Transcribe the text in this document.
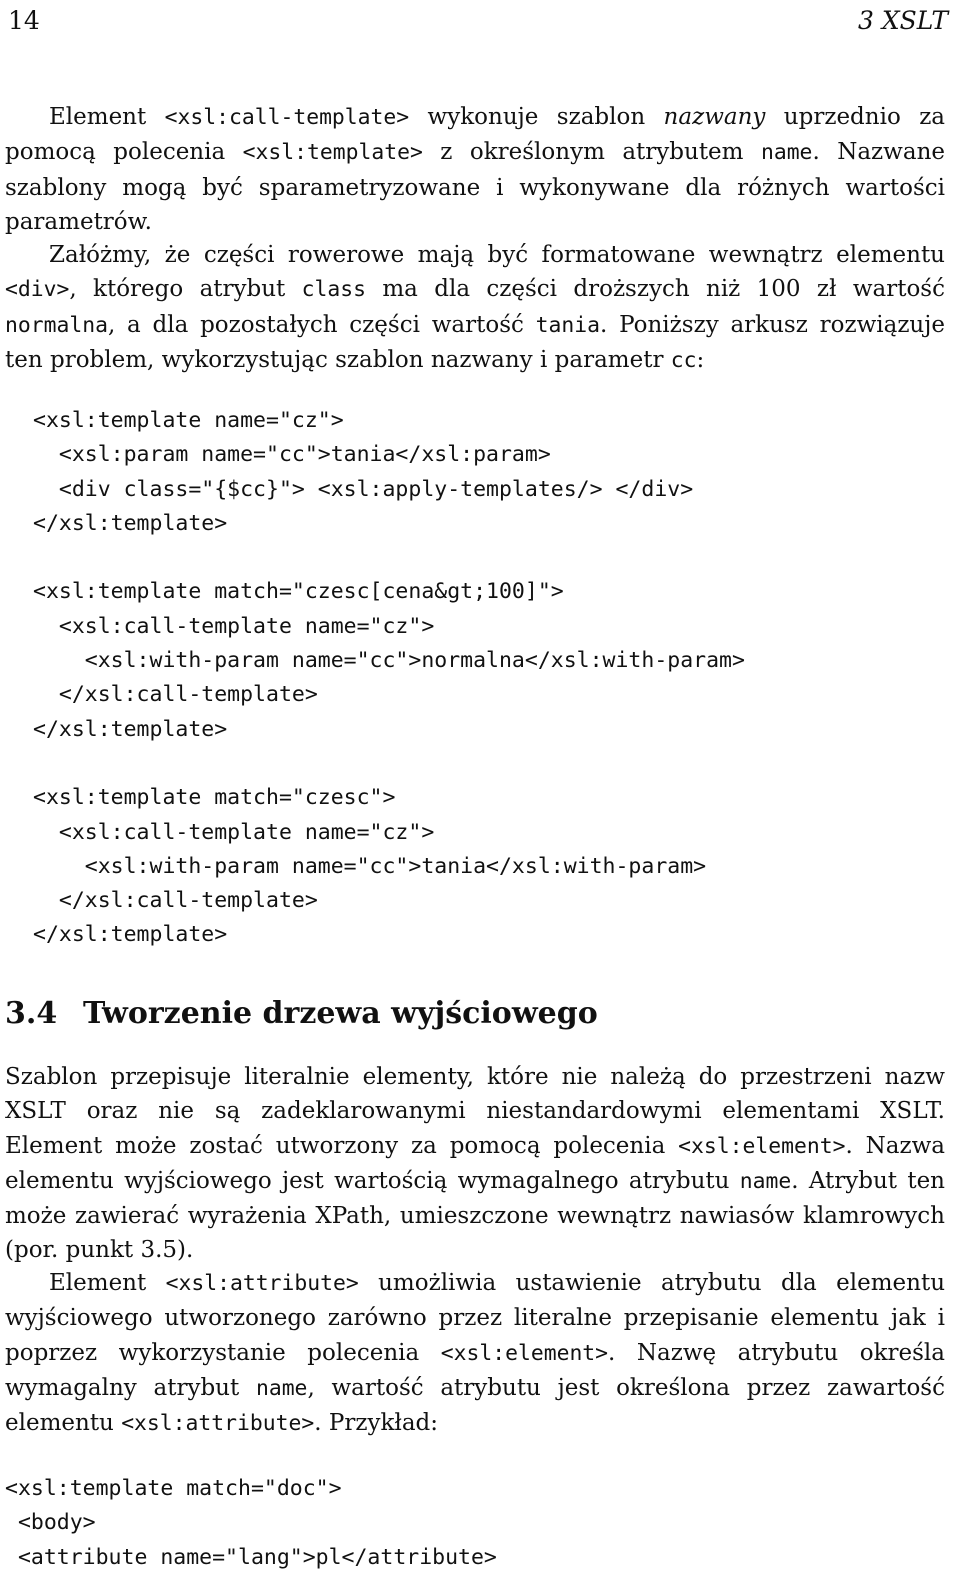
14	3 XSLT

Element <xsl:call-template> wykonuje szablon nazwany uprzednio za pomocą polecenia <xsl:template> z określonym atrybutem name. Nazwane szablony mogą być sparametryzowane i wykonywane dla różnych wartości parametrów.

Załóżmy, że części rowerowe mają być formatowane wewnątrz elementu <div>, którego atrybut class ma dla części droższych niż 100 zł wartość normalna, a dla pozostałych części wartość tania. Poniższy arkusz rozwiązuje ten problem, wykorzystując szablon nazwany i parametr cc:

<xsl:template name="cz">
<xsl:param name="cc">tania</xsl:param>
<div class="{$cc}"> <xsl:apply-templates/> </div>
</xsl:template>

<xsl:template match="czesc[cena&gt;100]">
<xsl:call-template name="cz">
<xsl:with-param name="cc">normalna</xsl:with-param>
</xsl:call-template>
</xsl:template>

<xsl:template match="czesc">
<xsl:call-template name="cz">
<xsl:with-param name="cc">tania</xsl:with-param>
</xsl:call-template>
</xsl:template>
3.4 Tworzenie drzewa wyjściowego

Szablon przepisuje literalnie elementy, które nie należą do przestrzeni nazw XSLT oraz nie są zadeklarowanymi niestandardowymi elementami XSLT. Element może zostać utworzony za pomocą polecenia <xsl:element>. Nazwa elementu wyjściowego jest wartością wymagalnego atrybutu name. Atrybut ten może zawierać wyrażenia XPath, umieszczone wewnątrz nawiasów klamrowych (por. punkt 3.5).

Element <xsl:attribute> umożliwia ustawienie atrybutu dla elementu wyjściowego utworzonego zarówno przez literalne przepisanie elementu jak i poprzez wykorzystanie polecenia <xsl:element>. Nazwę atrybutu określa wymagalny atrybut name, wartość atrybutu jest określona przez zawartość elementu <xsl:attribute>. Przykład:

<xsl:template match="doc">
<body>
<attribute name="lang">pl</attribute>
